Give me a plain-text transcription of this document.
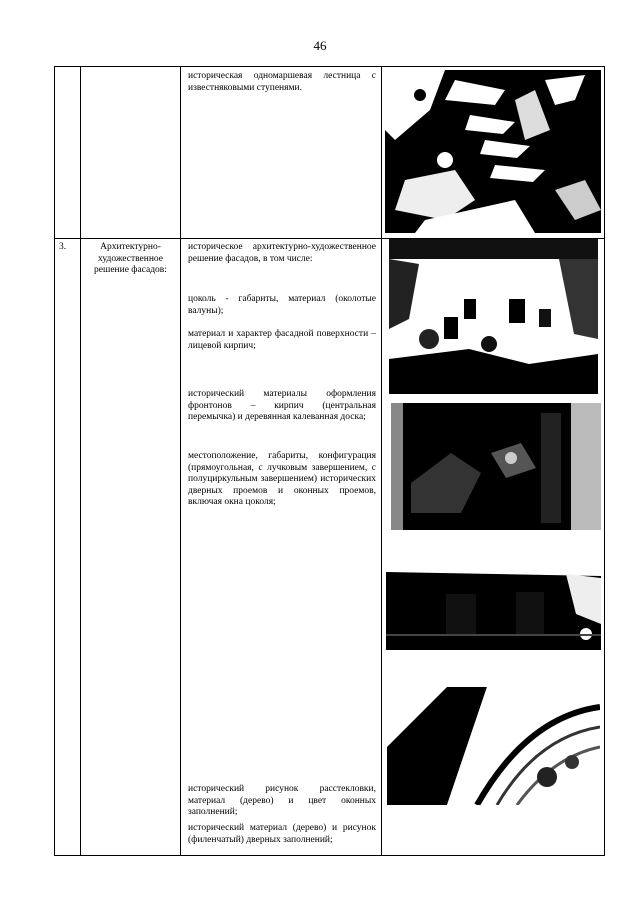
46
историческая одномаршевая лестница с известняковыми ступенями.
3.	Архитектурно-художественное решение фасадов:
историческое архитектурно-художественное решение фасадов, в том числе:
цоколь - габариты, материал (околотые валуны);
материал и характер фасадной поверхности – лицевой кирпич;
исторический материалы оформления фронтонов – кирпич (центральная перемычка) и деревянная калеванная доска;
местоположение, габариты, конфигурация (прямоугольная, с лучковым завершением, с полуциркульным завершением) исторических дверных проемов и оконных проемов, включая окна цоколя;
исторический рисунок расстекловки, материал (дерево) и цвет оконных заполнений;
исторический материал (дерево) и рисунок (филенчатый) дверных заполнений;
